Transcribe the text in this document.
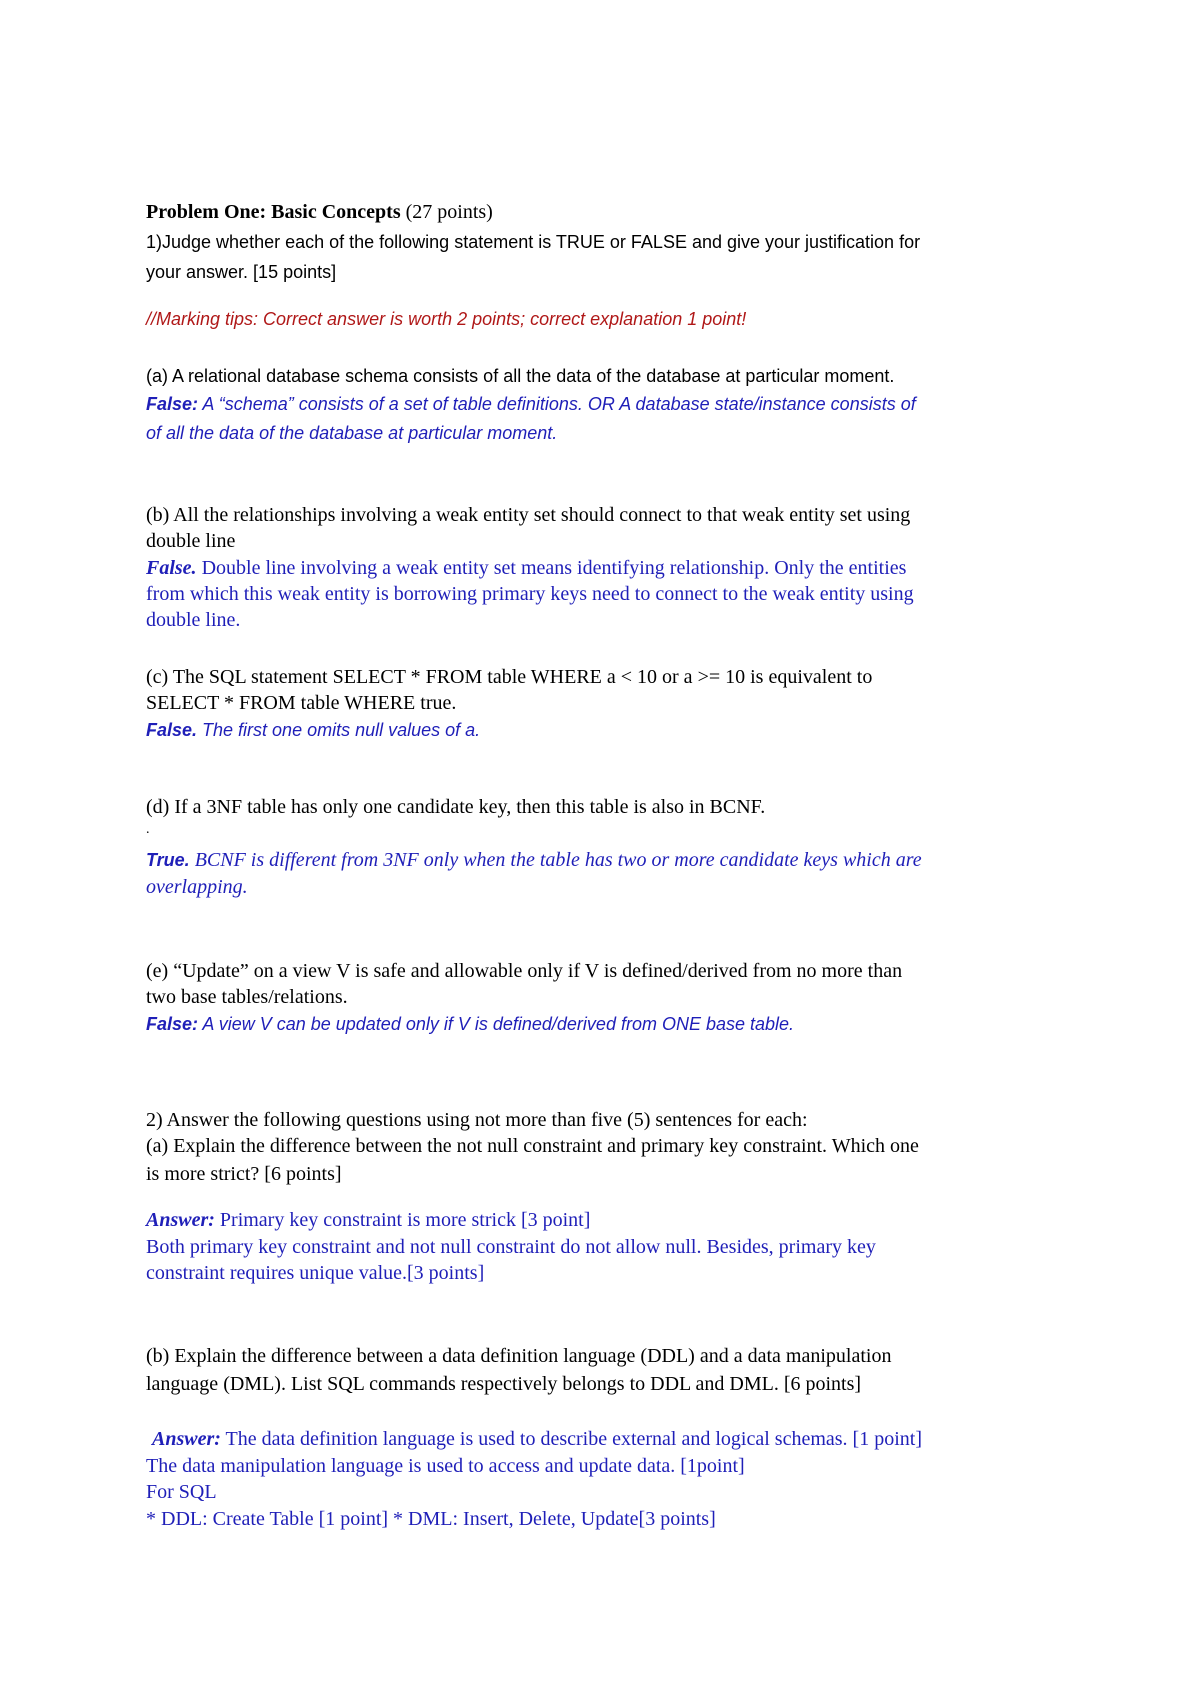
Problem One: Basic Concepts (27 points)

1)Judge whether each of the following statement is TRUE or FALSE and give your justification for

your answer. [15 points]

//Marking tips: Correct answer is worth 2 points; correct explanation 1 point!

(a) A relational database schema consists of all the data of the database at particular moment.

False: A “schema” consists of a set of table definitions. OR A database state/instance consists of

of all the data of the database at particular moment.

(b) All the relationships involving a weak entity set should connect to that weak entity set using

double line

False. Double line involving a weak entity set means identifying relationship. Only the entities

from which this weak entity is borrowing primary keys need to connect to the weak entity using

double line.

(c) The SQL statement SELECT * FROM table WHERE a < 10 or a >= 10 is equivalent to

SELECT * FROM table WHERE true.

False. The first one omits null values of a.

(d) If a 3NF table has only one candidate key, then this table is also in BCNF.

.

True. BCNF is different from 3NF only when the table has two or more candidate keys which are

overlapping.

(e) “Update” on a view V is safe and allowable only if V is defined/derived from no more than

two base tables/relations.

False: A view V can be updated only if V is defined/derived from ONE base table.

2) Answer the following questions using not more than five (5) sentences for each:

(a) Explain the difference between the not null constraint and primary key constraint. Which one

is more strict? [6 points]

Answer: Primary key constraint is more strick [3 point]

Both primary key constraint and not null constraint do not allow null. Besides, primary key

constraint requires unique value.[3 points]

(b) Explain the difference between a data definition language (DDL) and a data manipulation

language (DML). List SQL commands respectively belongs to DDL and DML. [6 points]

Answer: The data definition language is used to describe external and logical schemas. [1 point]

The data manipulation language is used to access and update data. [1point]

For SQL

* DDL: Create Table [1 point] * DML: Insert, Delete, Update[3 points]
